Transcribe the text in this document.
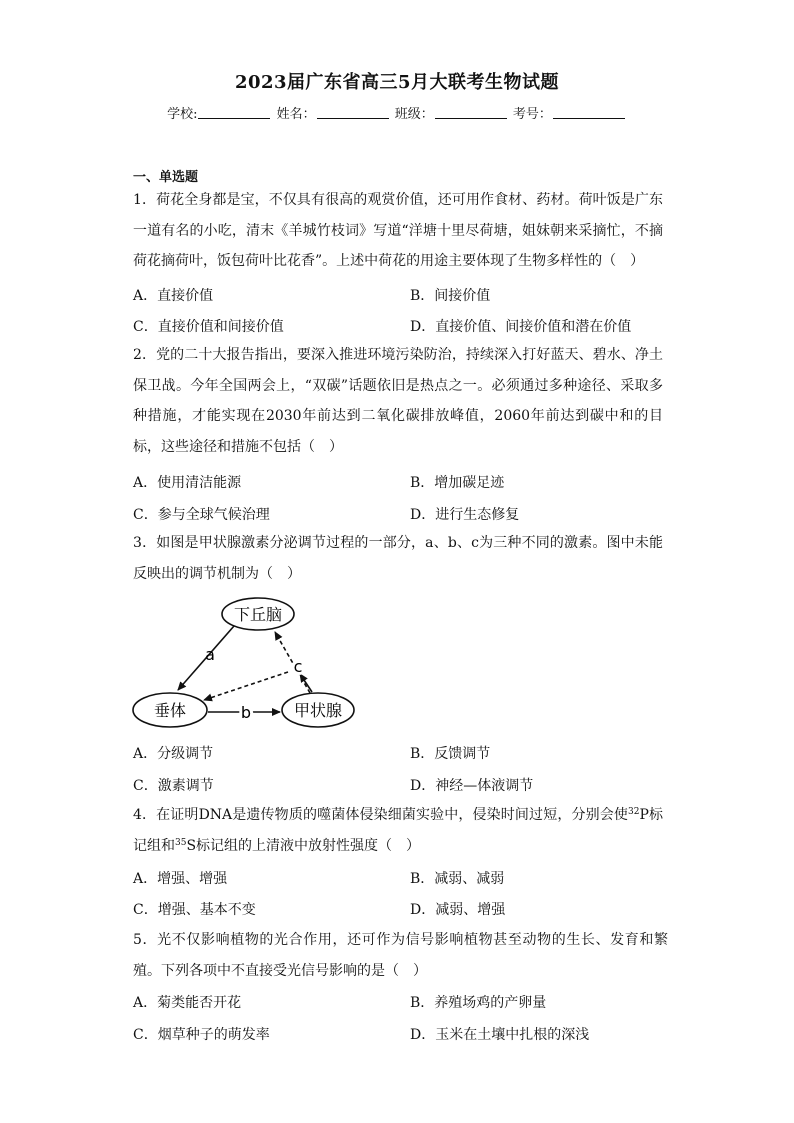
2023届广东省高三5月大联考生物试题
学校:	姓名：	班级：	考号：
一、单选题
1．荷花全身都是宝，不仅具有很高的观赏价值，还可用作食材、药材。荷叶饭是广东一道有名的小吃，清末《羊城竹枝词》写道“洋塘十里尽荷塘，姐妹朝来采摘忙，不摘荷花摘荷叶，饭包荷叶比花香”。上述中荷花的用途主要体现了生物多样性的（　）
A．直接价值	B．间接价值
C．直接价值和间接价值	D．直接价值、间接价值和潜在价值
2．党的二十大报告指出，要深入推进环境污染防治，持续深入打好蓝天、碧水、净土保卫战。今年全国两会上，“双碳”话题依旧是热点之一。必须通过多种途径、采取多种措施，才能实现在2030年前达到二氧化碳排放峰值，2060年前达到碳中和的目标，这些途径和措施不包括（　）
A．使用清洁能源	B．增加碳足迹
C．参与全球气候治理	D．进行生态修复
3．如图是甲状腺激素分泌调节过程的一部分，a、b、c为三种不同的激素。图中未能反映出的调节机制为（　）
下丘脑
垂体	甲状腺
a
b
c
A．分级调节	B．反馈调节
C．激素调节	D．神经—体液调节
4．在证明DNA是遗传物质的噬菌体侵染细菌实验中，侵染时间过短，分别会使$^{32}$P标记组和$^{35}$S标记组的上清液中放射性强度（　）
A．增强、增强	B．减弱、减弱
C．增强、基本不变	D．减弱、增强
5．光不仅影响植物的光合作用，还可作为信号影响植物甚至动物的生长、发育和繁殖。下列各项中不直接受光信号影响的是（　）
A．菊类能否开花	B．养殖场鸡的产卵量
C．烟草种子的萌发率	D．玉米在土壤中扎根的深浅
